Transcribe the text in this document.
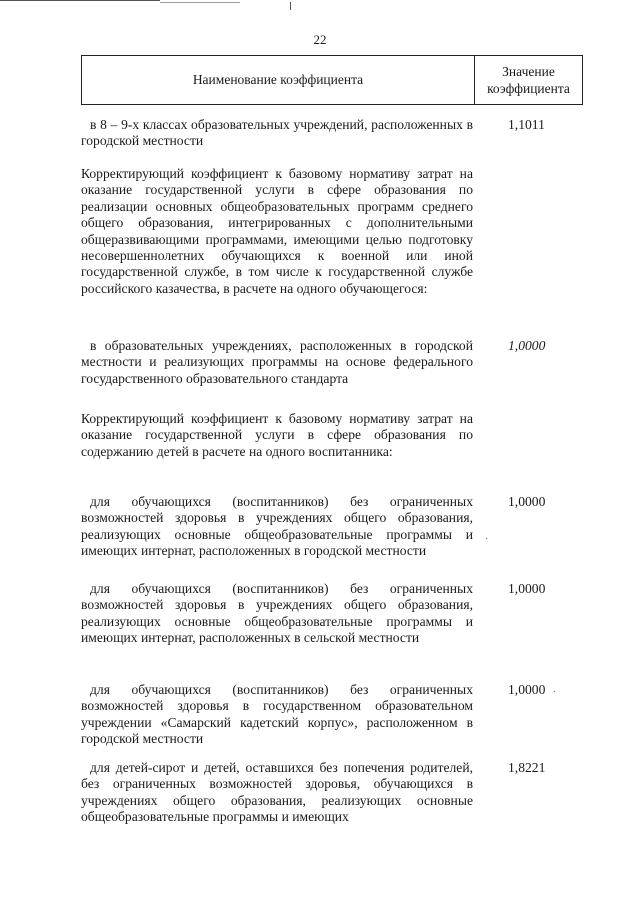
22
Наименование коэффициента
Значение коэффициента

в 8 – 9-х классах образовательных учреждений, расположенных в городской местности

1,1011

Корректирующий коэффициент к базовому нормативу затрат на оказание государственной услуги в сфере образования по реализации основных общеобразовательных программ среднего общего образования, интегрированных с дополнительными общеразвивающими программами, имеющими целью подготовку несовершеннолетних обучающихся к военной или иной государственной службе, в том числе к государственной службе российского казачества, в расчете на одного обучающегося:

в образовательных учреждениях, расположенных в городской местности и реализующих программы на основе федерального государственного образовательного стандарта

1,0000

Корректирующий коэффициент к базовому нормативу затрат на оказание государственной услуги в сфере образования по содержанию детей в расчете на одного воспитанника:

для обучающихся (воспитанников) без ограниченных возможностей здоровья в учреждениях общего образования, реализующих основные общеобразовательные программы и имеющих интернат, расположенных в городской местности

1,0000

для обучающихся (воспитанников) без ограниченных возможностей здоровья в учреждениях общего образования, реализующих основные общеобразовательные программы и имеющих интернат, расположенных в сельской местности

1,0000

для обучающихся (воспитанников) без ограниченных возможностей здоровья в государственном образовательном учреждении «Самарский кадетский корпус», расположенном в городской местности

1,0000

для детей-сирот и детей, оставшихся без попечения родителей, без ограниченных возможностей здоровья, обучающихся в учреждениях общего образования, реализующих основные общеобразовательные программы и имеющих

1,8221
·
.
